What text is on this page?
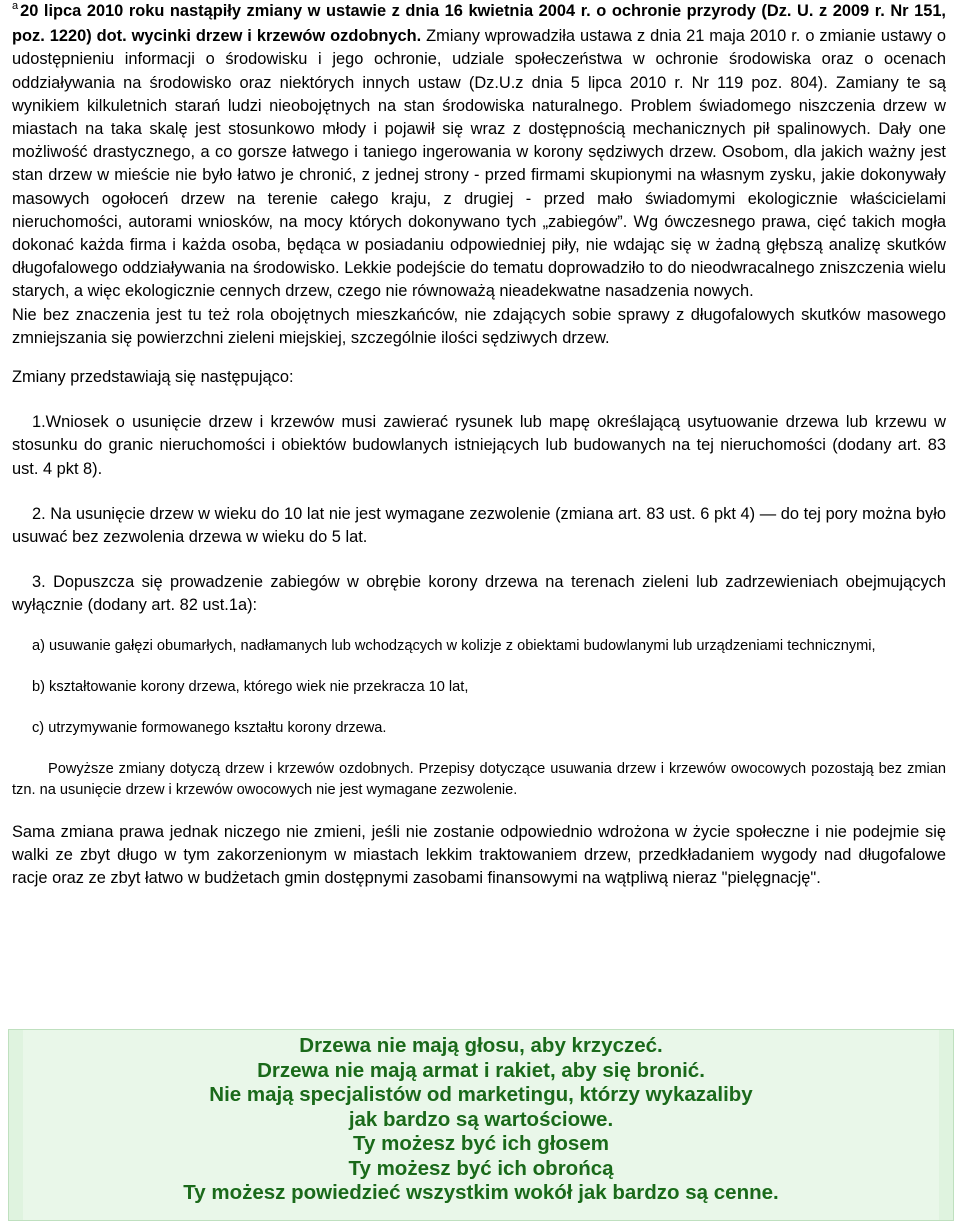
$^a$ 20 lipca 2010 roku nastąpiły zmiany w ustawie z dnia 16 kwietnia 2004 r. o ochronie przyrody (Dz. U. z 2009 r. Nr 151, poz. 1220) dot. wycinki drzew i krzewów ozdobnych. Zmiany wprowadziła ustawa z dnia 21 maja 2010 r. o zmianie ustawy o udostępnieniu informacji o środowisku i jego ochronie, udziale społeczeństwa w ochronie środowiska oraz o ocenach oddziaływania na środowisko oraz niektórych innych ustaw (Dz.U.z dnia 5 lipca 2010 r. Nr 119 poz. 804). Zamiany te są wynikiem kilkuletnich starań ludzi nieobojętnych na stan środowiska naturalnego. Problem świadomego niszczenia drzew w miastach na taka skalę jest stosunkowo młody i pojawił się wraz z dostępnością mechanicznych pił spalinowych. Dały one możliwość drastycznego, a co gorsze łatwego i taniego ingerowania w korony sędziwych drzew. Osobom, dla jakich ważny jest stan drzew w mieście nie było łatwo je chronić, z jednej strony - przed firmami skupionymi na własnym zysku, jakie dokonywały masowych ogołoceń drzew na terenie całego kraju, z drugiej - przed mało świadomymi ekologicznie właścicielami nieruchomości, autorami wniosków, na mocy których dokonywano tych „zabiegów”. Wg ówczesnego prawa, cięć takich mogła dokonać każda firma i każda osoba, będąca w posiadaniu odpowiedniej piły, nie wdając się w żadną głębszą analizę skutków długofalowego oddziaływania na środowisko. Lekkie podejście do tematu doprowadziło to do nieodwracalnego zniszczenia wielu starych, a więc ekologicznie cennych drzew, czego nie równoważą nieadekwatne nasadzenia nowych.

Nie bez znaczenia jest tu też rola obojętnych mieszkańców, nie zdających sobie sprawy z długofalowych skutków masowego zmniejszania się powierzchni zieleni miejskiej, szczególnie ilości sędziwych drzew.

Zmiany przedstawiają się następująco:

1.Wniosek o usunięcie drzew i krzewów musi zawierać rysunek lub mapę określającą usytuowanie drzewa lub krzewu w stosunku do granic nieruchomości i obiektów budowlanych istniejących lub budowanych na tej nieruchomości (dodany art. 83 ust. 4 pkt 8).

2. Na usunięcie drzew w wieku do 10 lat nie jest wymagane zezwolenie (zmiana art. 83 ust. 6 pkt 4) — do tej pory można było usuwać bez zezwolenia drzewa w wieku do 5 lat.

3. Dopuszcza się prowadzenie zabiegów w obrębie korony drzewa na terenach zieleni lub zadrzewieniach obejmujących wyłącznie (dodany art. 82 ust.1a):

a) usuwanie gałęzi obumarłych, nadłamanych lub wchodzących w kolizje z obiektami budowlanymi lub urządzeniami technicznymi,

b) kształtowanie korony drzewa, którego wiek nie przekracza 10 lat,

c) utrzymywanie formowanego kształtu korony drzewa.

Powyższe zmiany dotyczą drzew i krzewów ozdobnych. Przepisy dotyczące usuwania drzew i krzewów owocowych pozostają bez zmian tzn. na usunięcie drzew i krzewów owocowych nie jest wymagane zezwolenie.

Sama zmiana prawa jednak niczego nie zmieni, jeśli nie zostanie odpowiednio wdrożona w życie społeczne i nie podejmie się walki ze zbyt długo w tym zakorzenionym w miastach lekkim traktowaniem drzew, przedkładaniem wygody nad długofalowe racje oraz ze zbyt łatwo w budżetach gmin dostępnymi zasobami finansowymi na wątpliwą nieraz "pielęgnację".

Drzewa nie mają głosu, aby krzyczeć.
Drzewa nie mają armat i rakiet, aby się bronić.
Nie mają specjalistów od marketingu, którzy wykazaliby
jak bardzo są wartościowe.
Ty możesz być ich głosem
Ty możesz być ich obrońcą
Ty możesz powiedzieć wszystkim wokół jak bardzo są cenne.
